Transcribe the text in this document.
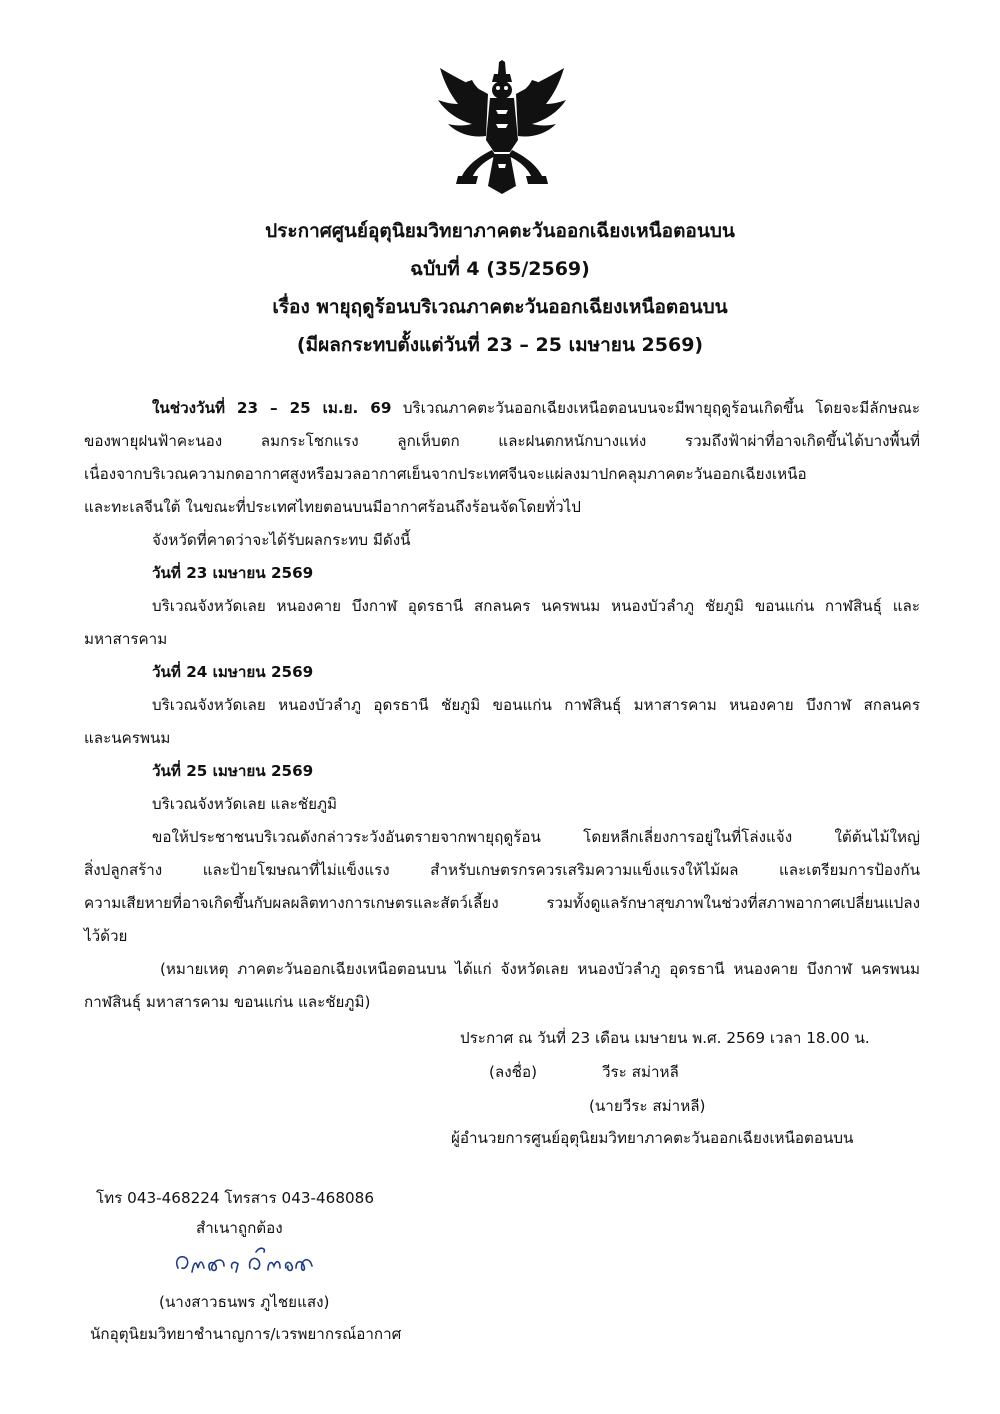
ประกาศศูนย์อุตุนิยมวิทยาภาคตะวันออกเฉียงเหนือตอนบน
ฉบับที่ 4 (35/2569)
เรื่อง พายุฤดูร้อนบริเวณภาคตะวันออกเฉียงเหนือตอนบน
(มีผลกระทบตั้งแต่วันที่ 23 – 25 เมษายน 2569)
ในช่วงวันที่ 23 – 25 เม.ย. 69 บริเวณภาคตะวันออกเฉียงเหนือตอนบนจะมีพายุฤดูร้อนเกิดขึ้น โดยจะมีลักษณะ
ของพายุฝนฟ้าคะนอง ลมกระโชกแรง ลูกเห็บตก และฝนตกหนักบางแห่ง รวมถึงฟ้าผ่าที่อาจเกิดขึ้นได้บางพื้นที่
เนื่องจากบริเวณความกดอากาศสูงหรือมวลอากาศเย็นจากประเทศจีนจะแผ่ลงมาปกคลุมภาคตะวันออกเฉียงเหนือ
และทะเลจีนใต้ ในขณะที่ประเทศไทยตอนบนมีอากาศร้อนถึงร้อนจัดโดยทั่วไป
จังหวัดที่คาดว่าจะได้รับผลกระทบ มีดังนี้
วันที่ 23 เมษายน 2569
บริเวณจังหวัดเลย หนองคาย บึงกาฬ อุดรธานี สกลนคร นครพนม หนองบัวลำภู ชัยภูมิ ขอนแก่น กาฬสินธุ์ และ
มหาสารคาม
วันที่ 24 เมษายน 2569
บริเวณจังหวัดเลย หนองบัวลำภู อุดรธานี ชัยภูมิ ขอนแก่น กาฬสินธุ์ มหาสารคาม หนองคาย บึงกาฬ สกลนคร
และนครพนม
วันที่ 25 เมษายน 2569
บริเวณจังหวัดเลย และชัยภูมิ
ขอให้ประชาชนบริเวณดังกล่าวระวังอันตรายจากพายุฤดูร้อน โดยหลีกเลี่ยงการอยู่ในที่โล่งแจ้ง ใต้ต้นไม้ใหญ่
สิ่งปลูกสร้าง และป้ายโฆษณาที่ไม่แข็งแรง สำหรับเกษตรกรควรเสริมความแข็งแรงให้ไม้ผล และเตรียมการป้องกัน
ความเสียหายที่อาจเกิดขึ้นกับผลผลิตทางการเกษตรและสัตว์เลี้ยง รวมทั้งดูแลรักษาสุขภาพในช่วงที่สภาพอากาศเปลี่ยนแปลง
ไว้ด้วย
(หมายเหตุ ภาคตะวันออกเฉียงเหนือตอนบน ได้แก่ จังหวัดเลย หนองบัวลำภู อุดรธานี หนองคาย บึงกาฬ นครพนม
กาฬสินธุ์ มหาสารคาม ขอนแก่น และชัยภูมิ)
ประกาศ ณ วันที่ 23 เดือน เมษายน พ.ศ. 2569 เวลา 18.00 น.
(ลงชื่อ)	วีระ สม่าหลี
(นายวีระ สม่าหลี)
ผู้อำนวยการศูนย์อุตุนิยมวิทยาภาคตะวันออกเฉียงเหนือตอนบน
โทร 043-468224 โทรสาร 043-468086
สำเนาถูกต้อง
(นางสาวธนพร ภูไชยแสง)
นักอุตุนิยมวิทยาชำนาญการ/เวรพยากรณ์อากาศ
